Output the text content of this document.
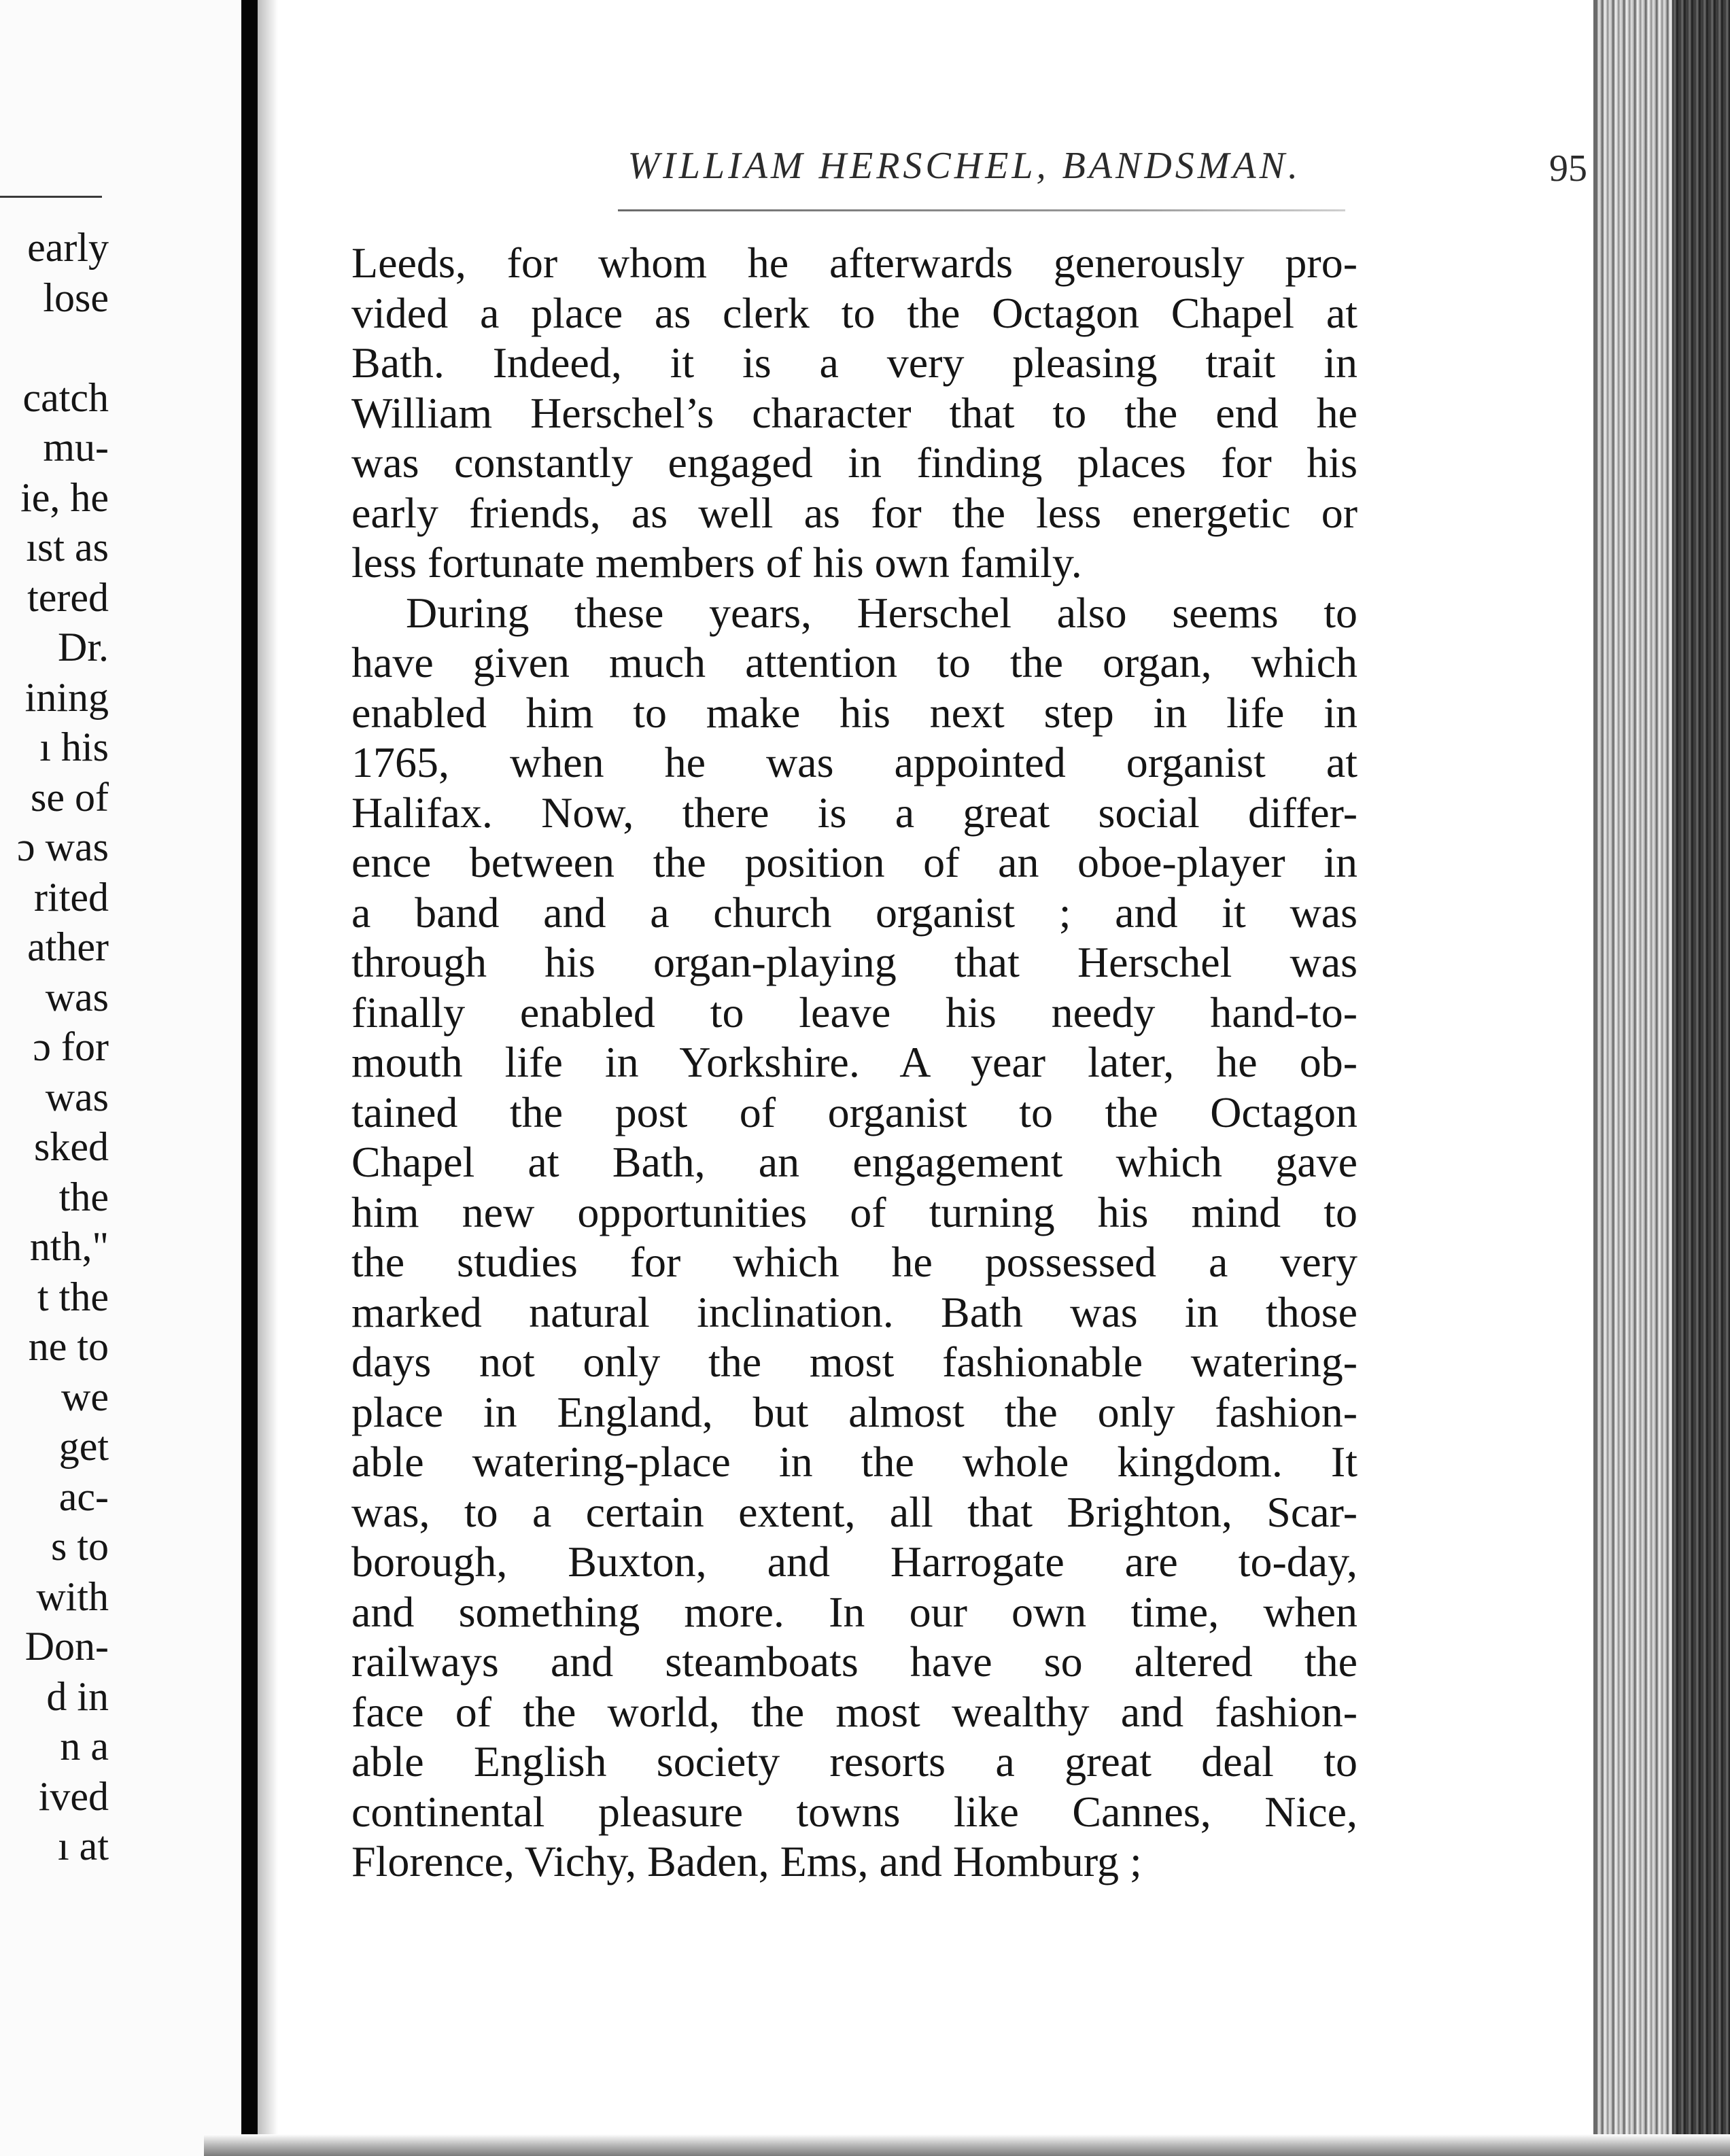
early
lose
catch
mu-
ie, he
ıst as
tered
Dr.
ining
ı his
se of
ɔ was
rited
ather
was
ɔ for
was
sked
the
nth,"
t the
ne to
we
get
ac-
s to
with
Don-
d in
n a
ived
ı at
WILLIAM HERSCHEL, BANDSMAN.	95
Leeds, for whom he afterwards generously pro-
vided a place as clerk to the Octagon Chapel at
Bath. Indeed, it is a very pleasing trait in
William Herschel’s character that to the end he
was constantly engaged in finding places for his
early friends, as well as for the less energetic or
less fortunate members of his own family.
During these years, Herschel also seems to
have given much attention to the organ, which
enabled him to make his next step in life in
1765, when he was appointed organist at
Halifax. Now, there is a great social differ-
ence between the position of an oboe-player in
a band and a church organist ; and it was
through his organ-playing that Herschel was
finally enabled to leave his needy hand-to-
mouth life in Yorkshire. A year later, he ob-
tained the post of organist to the Octagon
Chapel at Bath, an engagement which gave
him new opportunities of turning his mind to
the studies for which he possessed a very
marked natural inclination. Bath was in those
days not only the most fashionable watering-
place in England, but almost the only fashion-
able watering-place in the whole kingdom. It
was, to a certain extent, all that Brighton, Scar-
borough, Buxton, and Harrogate are to-day,
and something more. In our own time, when
railways and steamboats have so altered the
face of the world, the most wealthy and fashion-
able English society resorts a great deal to
continental pleasure towns like Cannes, Nice,
Florence, Vichy, Baden, Ems, and Homburg ;
